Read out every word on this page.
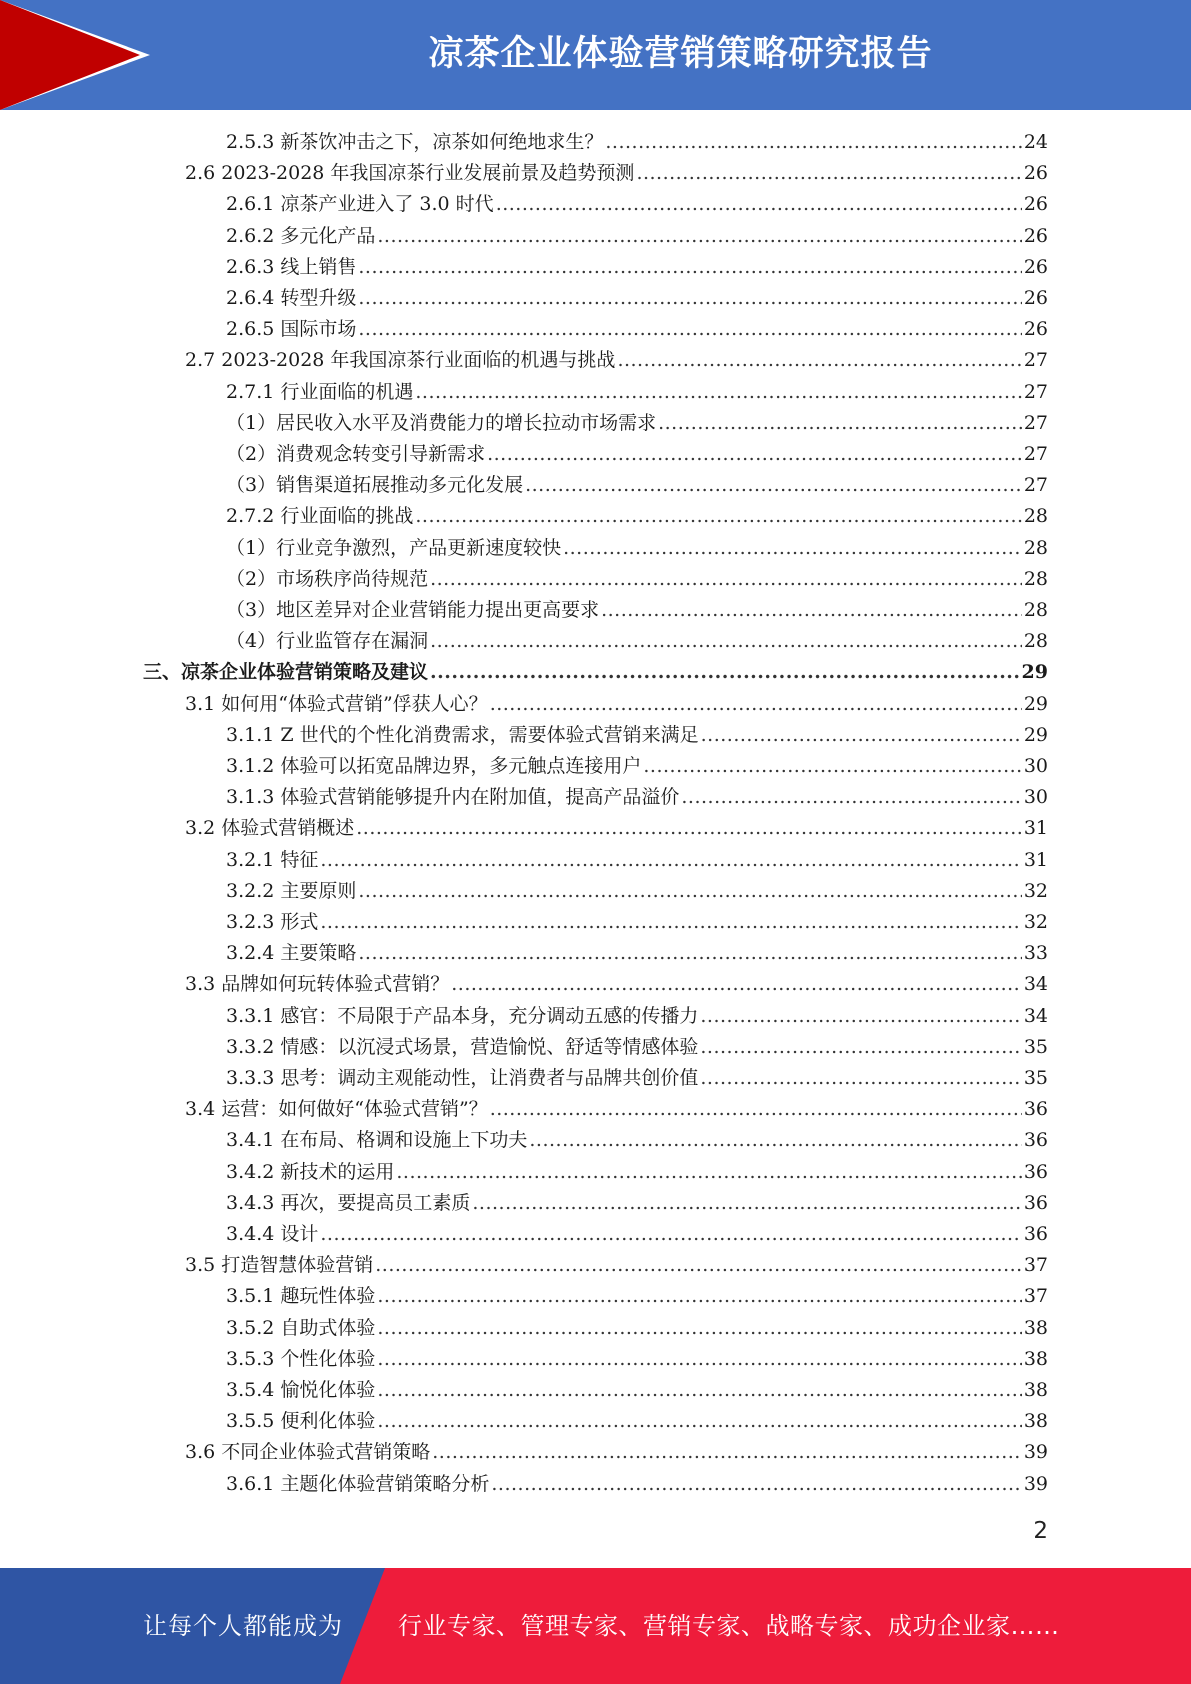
凉茶企业体验营销策略研究报告
2.5.3 新茶饮冲击之下，凉茶如何绝地求生？ .....	24
2.6 2023-2028 年我国凉茶行业发展前景及趋势预测 .....	26
2.6.1 凉茶产业进入了 3.0 时代 .....	26
2.6.2 多元化产品 .....	26
2.6.3 线上销售 .....	26
2.6.4 转型升级 .....	26
2.6.5 国际市场 .....	26
2.7 2023-2028 年我国凉茶行业面临的机遇与挑战 .....	27
2.7.1 行业面临的机遇 .....	27
（1）居民收入水平及消费能力的增长拉动市场需求 .....	27
（2）消费观念转变引导新需求 .....	27
（3）销售渠道拓展推动多元化发展 .....	27
2.7.2 行业面临的挑战 .....	28
（1）行业竞争激烈，产品更新速度较快 .....	28
（2）市场秩序尚待规范 .....	28
（3）地区差异对企业营销能力提出更高要求 .....	28
（4）行业监管存在漏洞 .....	28
三、凉茶企业体验营销策略及建议 .....	29
3.1 如何用“体验式营销”俘获人心？ .....	29
3.1.1 Z 世代的个性化消费需求，需要体验式营销来满足 .....	29
3.1.2 体验可以拓宽品牌边界，多元触点连接用户 .....	30
3.1.3 体验式营销能够提升内在附加值，提高产品溢价 .....	30
3.2 体验式营销概述 .....	31
3.2.1 特征 .....	31
3.2.2 主要原则 .....	32
3.2.3 形式 .....	32
3.2.4 主要策略 .....	33
3.3 品牌如何玩转体验式营销？ .....	34
3.3.1 感官：不局限于产品本身，充分调动五感的传播力 .....	34
3.3.2 情感：以沉浸式场景，营造愉悦、舒适等情感体验 .....	35
3.3.3 思考：调动主观能动性，让消费者与品牌共创价值 .....	35
3.4 运营：如何做好“体验式营销”？ .....	36
3.4.1 在布局、格调和设施上下功夫 .....	36
3.4.2 新技术的运用 .....	36
3.4.3 再次，要提高员工素质 .....	36
3.4.4 设计 .....	36
3.5 打造智慧体验营销 .....	37
3.5.1 趣玩性体验 .....	37
3.5.2 自助式体验 .....	38
3.5.3 个性化体验 .....	38
3.5.4 愉悦化体验 .....	38
3.5.5 便利化体验 .....	38
3.6 不同企业体验式营销策略 .....	39
3.6.1 主题化体验营销策略分析 .....	39
2
让每个人都能成为 行业专家、管理专家、营销专家、战略专家、成功企业家……
